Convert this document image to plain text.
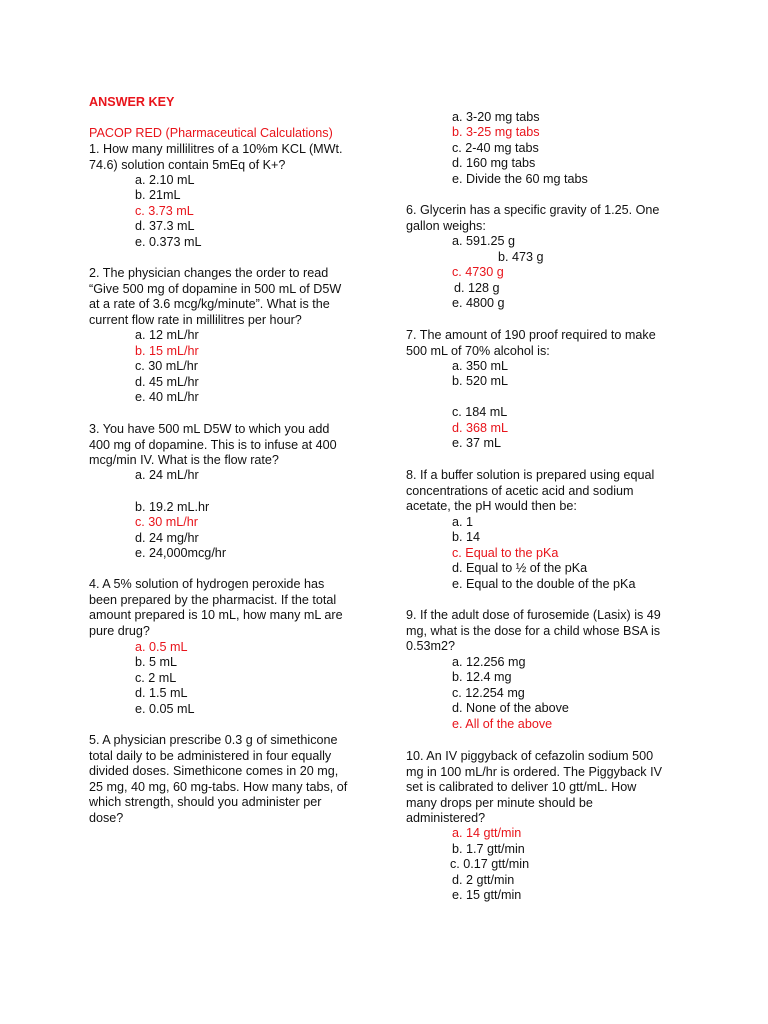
ANSWER KEY
PACOP RED (Pharmaceutical Calculations)
1. How many millilitres of a 10%m KCL (MWt.
74.6) solution contain 5mEq of K+?
a. 2.10 mL
b. 21mL
c. 3.73 mL
d. 37.3 mL
e. 0.373 mL
2. The physician changes the order to read
“Give 500 mg of dopamine in 500 mL of D5W
at a rate of 3.6 mcg/kg/minute”. What is the
current flow rate in millilitres per hour?
a. 12 mL/hr
b. 15 mL/hr
c. 30 mL/hr
d. 45 mL/hr
e. 40 mL/hr
3. You have 500 mL D5W to which you add
400 mg of dopamine. This is to infuse at 400
mcg/min IV. What is the flow rate?
a. 24 mL/hr
b. 19.2 mL.hr
c. 30 mL/hr
d. 24 mg/hr
e. 24,000mcg/hr
4. A 5% solution of hydrogen peroxide has
been prepared by the pharmacist. If the total
amount prepared is 10 mL, how many mL are
pure drug?
a. 0.5 mL
b. 5 mL
c. 2 mL
d. 1.5 mL
e. 0.05 mL
5. A physician prescribe 0.3 g of simethicone
total daily to be administered in four equally
divided doses. Simethicone comes in 20 mg,
25 mg, 40 mg, 60 mg-tabs. How many tabs, of
which strength, should you administer per
dose?
a. 3-20 mg tabs
b. 3-25 mg tabs
c. 2-40 mg tabs
d. 160 mg tabs
e. Divide the 60 mg tabs
6. Glycerin has a specific gravity of 1.25. One
gallon weighs:
a. 591.25 g
b. 473 g
c. 4730 g
d. 128 g
e. 4800 g
7. The amount of 190 proof required to make
500 mL of 70% alcohol is:
a. 350 mL
b. 520 mL
c. 184 mL
d. 368 mL
e. 37 mL
8. If a buffer solution is prepared using equal
concentrations of acetic acid and sodium
acetate, the pH would then be:
a. 1
b. 14
c. Equal to the pKa
d. Equal to ½ of the pKa
e. Equal to the double of the pKa
9. If the adult dose of furosemide (Lasix) is 49
mg, what is the dose for a child whose BSA is
0.53m2?
a. 12.256 mg
b. 12.4 mg
c. 12.254 mg
d. None of the above
e. All of the above
10. An IV piggyback of cefazolin sodium 500
mg in 100 mL/hr is ordered. The Piggyback IV
set is calibrated to deliver 10 gtt/mL. How
many drops per minute should be
administered?
a. 14 gtt/min
b. 1.7 gtt/min
c. 0.17 gtt/min
d. 2 gtt/min
e. 15 gtt/min
